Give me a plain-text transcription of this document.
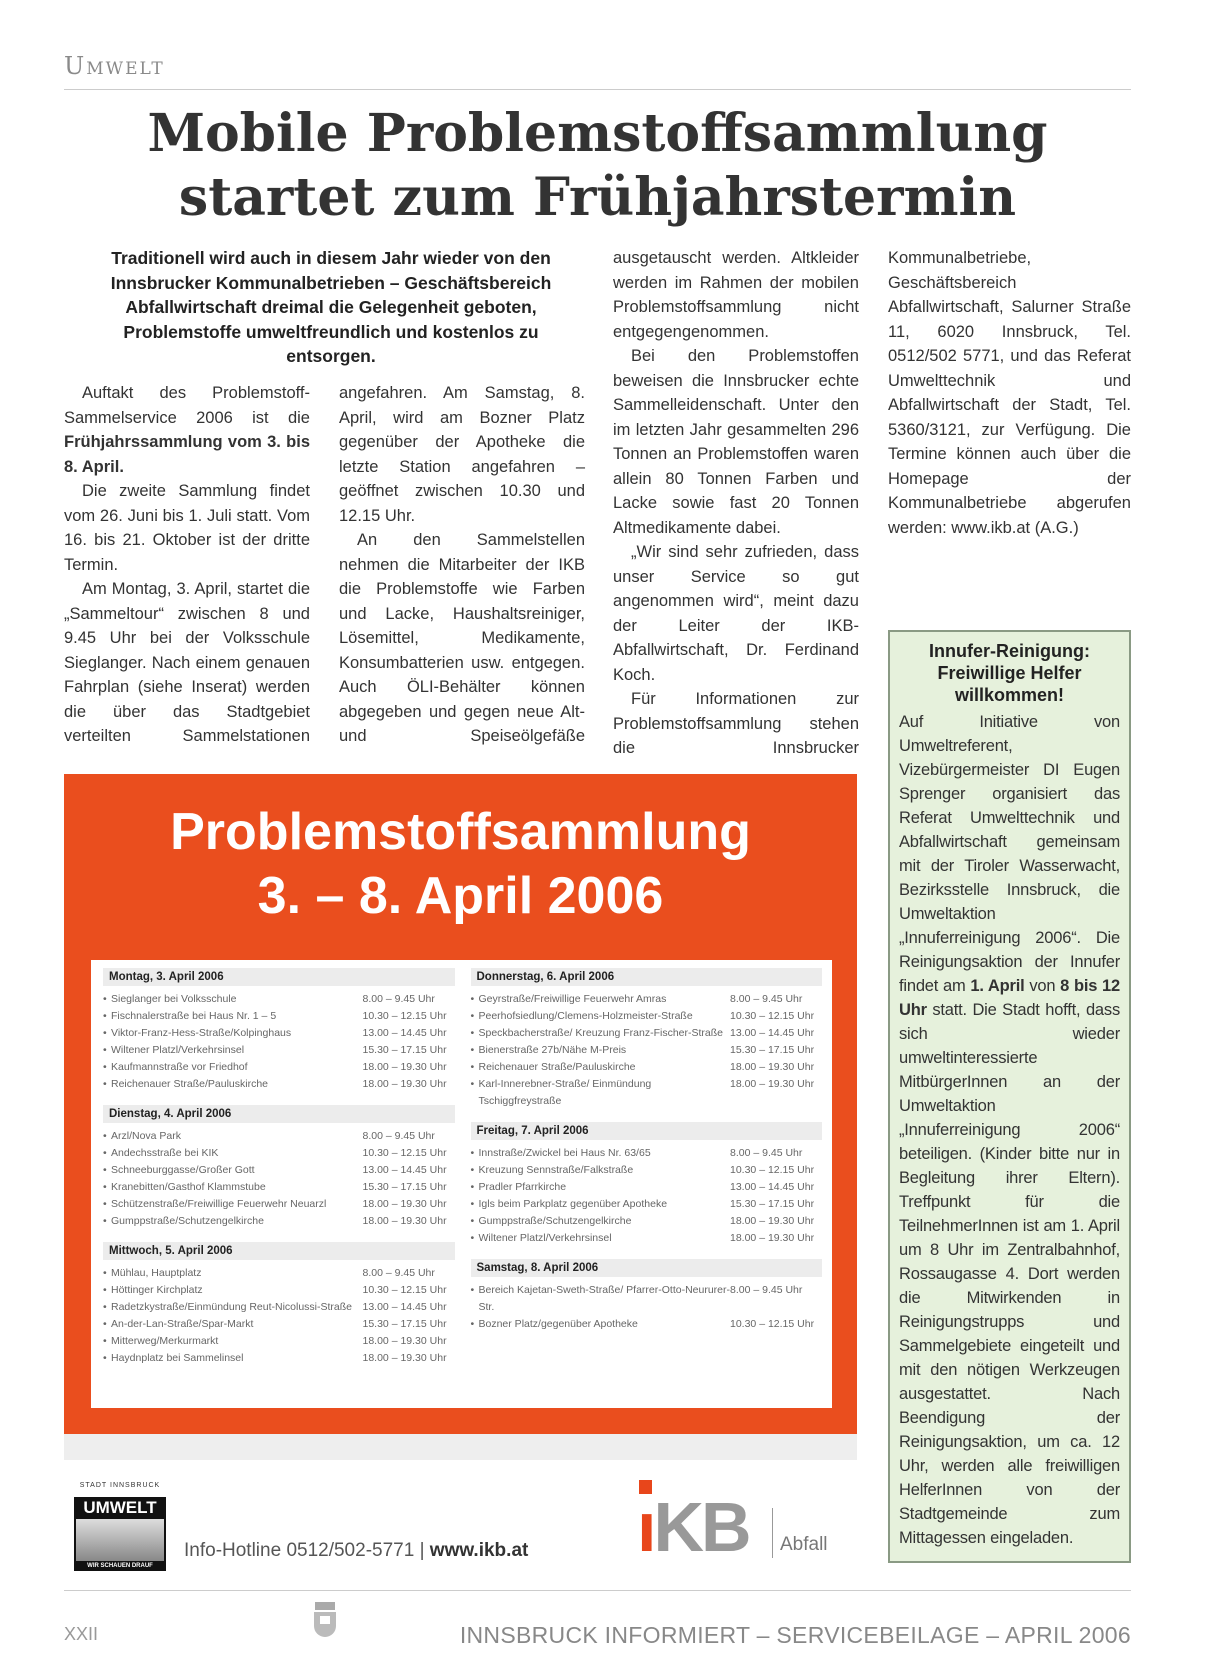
Umwelt
Mobile Problemstoffsammlung
startet zum Frühjahrstermin
Traditionell wird auch in diesem Jahr wieder von den Innsbrucker Kommunalbetrieben – Geschäftsbereich Abfallwirtschaft dreimal die Gelegenheit geboten, Problemstoffe umweltfreundlich und kostenlos zu entsorgen.

Auftakt des Problemstoff-Sammelservice 2006 ist die Frühjahrssammlung vom 3. bis 8. April.

Die zweite Sammlung findet vom 26. Juni bis 1. Juli statt. Vom 16. bis 21. Oktober ist der dritte Termin.

Am Montag, 3. April, startet die „Sammeltour“ zwischen 8 und 9.45 Uhr bei der Volksschule Sieglanger. Nach einem genauen Fahrplan (siehe Inserat) werden die über das Stadtgebiet verteilten Sammelstationen

angefahren. Am Samstag, 8. April, wird am Bozner Platz gegenüber der Apotheke die letzte Station angefahren – geöffnet zwischen 10.30 und 12.15 Uhr.

An den Sammelstellen nehmen die Mitarbeiter der IKB die Problemstoffe wie Farben und Lacke, Haushaltsreiniger, Lösemittel, Medikamente, Konsumbatterien usw. entgegen. Auch ÖLI-Behälter können abgegeben und gegen neue Alt- und Speiseölgefäße

ausgetauscht werden. Altkleider werden im Rahmen der mobilen Problemstoffsammlung nicht entgegengenommen.

Bei den Problemstoffen beweisen die Innsbrucker echte Sammelleidenschaft. Unter den im letzten Jahr gesammelten 296 Tonnen an Problemstoffen waren allein 80 Tonnen Farben und Lacke sowie fast 20 Tonnen Altmedikamente dabei.

„Wir sind sehr zufrieden, dass unser Service so gut angenommen wird“, meint dazu der Leiter der IKB-Abfallwirtschaft, Dr. Ferdinand Koch.

Für Informationen zur Problemstoffsammlung stehen die Innsbrucker

Kommunalbetriebe, Geschäftsbereich Abfallwirtschaft, Salurner Straße 11, 6020 Innsbruck, Tel. 0512/502 5771, und das Referat Umwelttechnik und Abfallwirtschaft der Stadt, Tel. 5360/3121, zur Verfügung. Die Termine können auch über die Homepage der Kommunalbetriebe abgerufen werden: www.ikb.at (A.G.)

Problemstoffsammlung
3. – 8. April 2006
Montag, 3. April 2006
• Sieglanger bei Volksschule	8.00 – 9.45 Uhr
• Fischnalerstraße bei Haus Nr. 1 – 5	10.30 – 12.15 Uhr
• Viktor-Franz-Hess-Straße/Kolpinghaus	13.00 – 14.45 Uhr
• Wiltener Platzl/Verkehrsinsel	15.30 – 17.15 Uhr
• Kaufmannstraße vor Friedhof	18.00 – 19.30 Uhr
• Reichenauer Straße/Pauluskirche	18.00 – 19.30 Uhr
Dienstag, 4. April 2006
• Arzl/Nova Park	8.00 – 9.45 Uhr
• Andechsstraße bei KIK	10.30 – 12.15 Uhr
• Schneeburggasse/Großer Gott	13.00 – 14.45 Uhr
• Kranebitten/Gasthof Klammstube	15.30 – 17.15 Uhr
• Schützenstraße/Freiwillige Feuerwehr Neuarzl	18.00 – 19.30 Uhr
• Gumppstraße/Schutzengelkirche	18.00 – 19.30 Uhr
Mittwoch, 5. April 2006
• Mühlau, Hauptplatz	8.00 – 9.45 Uhr
• Höttinger Kirchplatz	10.30 – 12.15 Uhr
• Radetzkystraße/Einmündung Reut-Nicolussi-Straße 13.00 – 14.45 Uhr
• An-der-Lan-Straße/Spar-Markt	15.30 – 17.15 Uhr
• Mitterweg/Merkurmarkt	18.00 – 19.30 Uhr
• Haydnplatz bei Sammelinsel	18.00 – 19.30 Uhr
Donnerstag, 6. April 2006
• Geyrstraße/Freiwillige Feuerwehr Amras	8.00 – 9.45 Uhr
• Peerhofsiedlung/Clemens-Holzmeister-Straße	10.30 – 12.15 Uhr
• Speckbacherstraße/ Kreuzung Franz-Fischer-Straße 13.00 – 14.45 Uhr
• Bienerstraße 27b/Nähe M-Preis	15.30 – 17.15 Uhr
• Reichenauer Straße/Pauluskirche	18.00 – 19.30 Uhr
• Karl-Innerebner-Straße/ Einmündung Tschiggfreystraße
18.00 – 19.30 Uhr
Freitag, 7. April 2006
• Innstraße/Zwickel bei Haus Nr. 63/65	8.00 – 9.45 Uhr
• Kreuzung Sennstraße/Falkstraße	10.30 – 12.15 Uhr
• Pradler Pfarrkirche	13.00 – 14.45 Uhr
• Igls beim Parkplatz gegenüber Apotheke	15.30 – 17.15 Uhr
• Gumppstraße/Schutzengelkirche	18.00 – 19.30 Uhr
• Wiltener Platzl/Verkehrsinsel	18.00 – 19.30 Uhr
Samstag, 8. April 2006
• Bereich Kajetan-Sweth-Straße/ Pfarrer-Otto-Neururer-Str.
8.00 – 9.45 Uhr
• Bozner Platz/gegenüber Apotheke	10.30 – 12.15 Uhr
Innufer-Reinigung: Freiwillige Helfer willkommen!
Auf Initiative von Umweltreferent, Vizebürgermeister DI Eugen Sprenger organisiert das Referat Umwelttechnik und Abfallwirtschaft gemeinsam mit der Tiroler Wasserwacht, Bezirksstelle Innsbruck, die Umweltaktion „Innuferreinigung 2006“. Die Reinigungsaktion der Innufer findet am 1. April von 8 bis 12 Uhr statt. Die Stadt hofft, dass sich wieder umweltinteressierte MitbürgerInnen an der Umweltaktion „Innuferreinigung 2006“ beteiligen. (Kinder bitte nur in Begleitung ihrer Eltern). Treffpunkt für die TeilnehmerInnen ist am 1. April um 8 Uhr im Zentralbahnhof, Rossaugasse 4. Dort werden die Mitwirkenden in Reinigungstrupps und Sammelgebiete eingeteilt und mit den nötigen Werkzeugen ausgestattet. Nach Beendigung der Reinigungsaktion, um ca. 12 Uhr, werden alle freiwilligen HelferInnen von der Stadtgemeinde zum Mittagessen eingeladen.
STADT INNSBRUCK
UMWELT
WIR SCHAUEN DRAUF
Info-Hotline 0512/502-5771 | www.ikb.at ıKB Abfall
XXII	INNSBRUCK INFORMIERT – SERVICEBEILAGE – APRIL 2006
